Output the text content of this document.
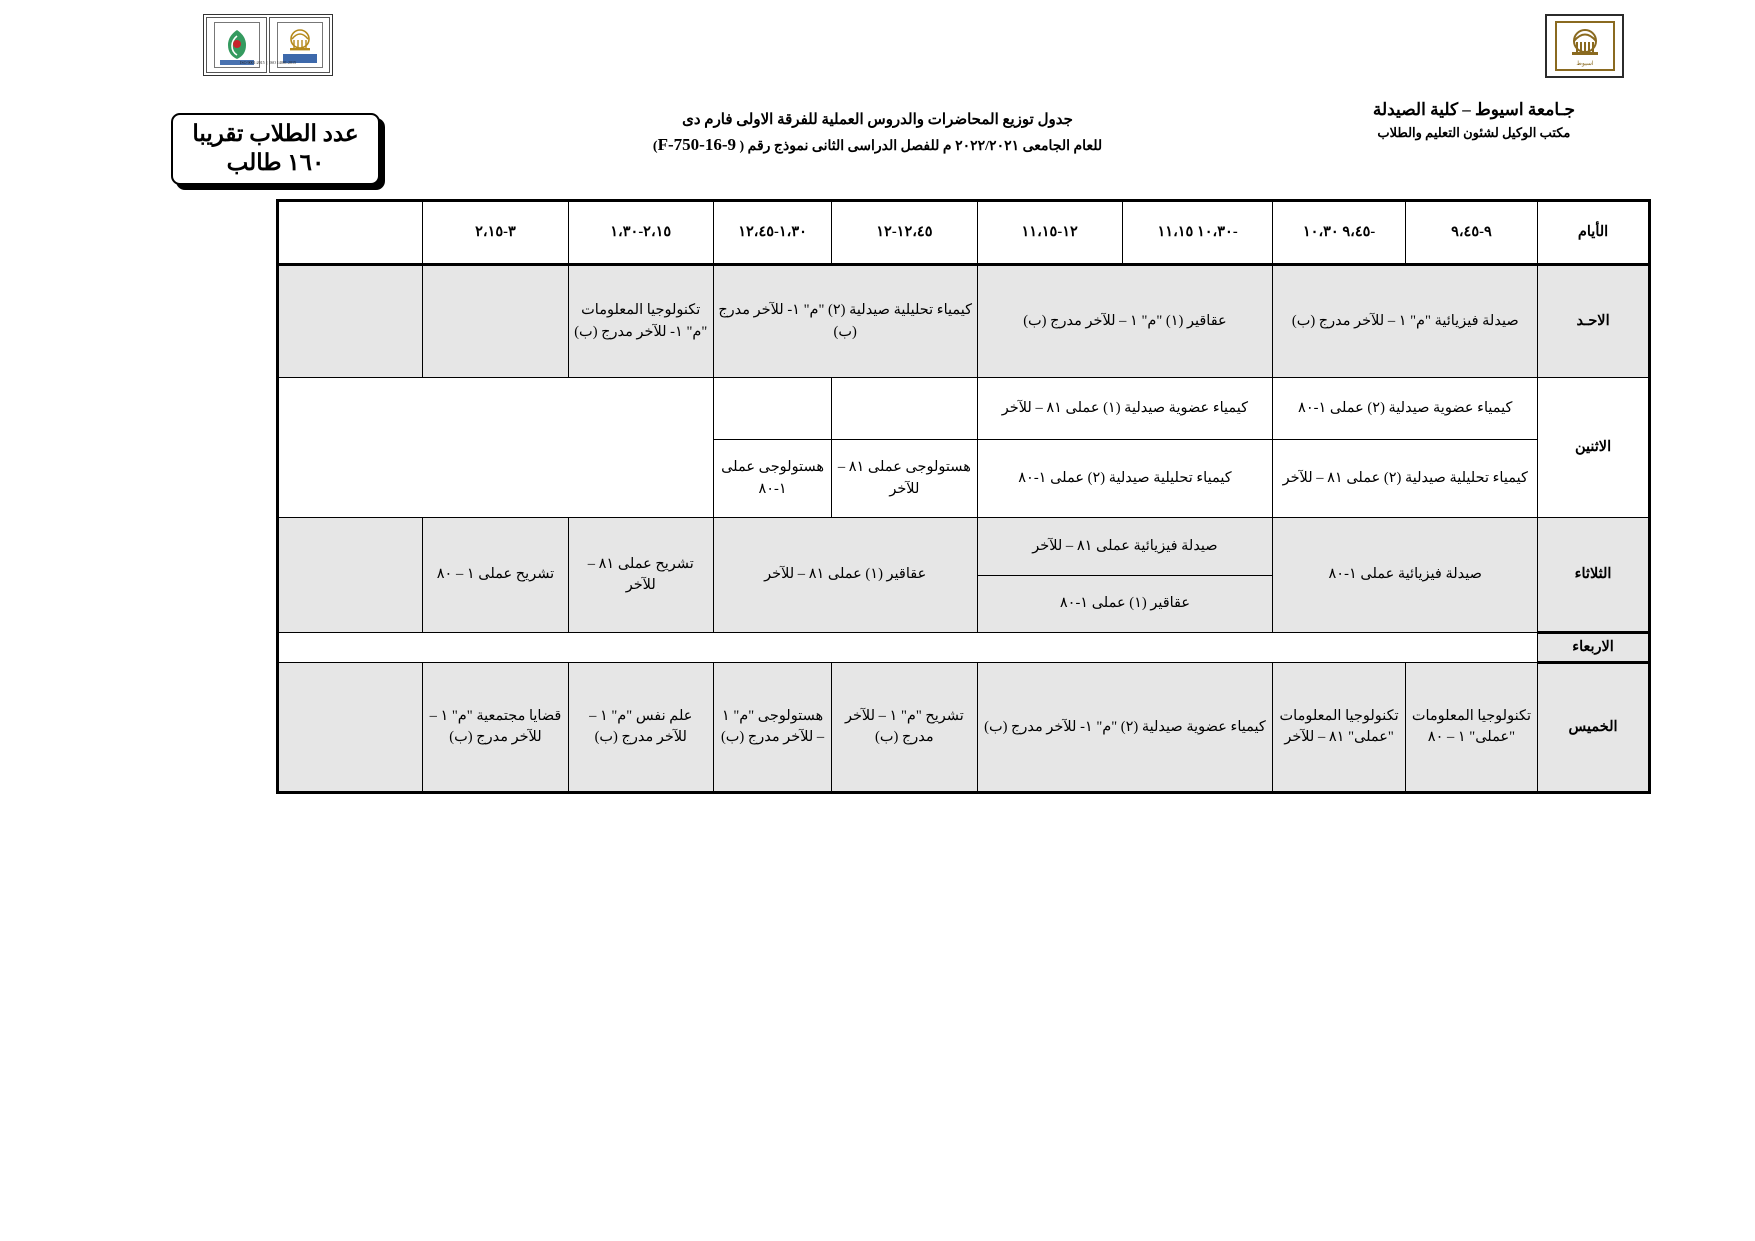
اسيوط
ISO 9001:2015  |  ISO 14001:2015
جـامعة اسيوط – كلية الصيدلة
مكتب الوكيل لشئون التعليم والطلاب
جدول توزيع المحاضرات والدروس العملية للفرقة الاولى فارم دى
للعام الجامعى ٢٠٢٢/٢٠٢١ م للفصل الدراسى الثانى نموذج رقم ( 9-16-750-F)
عدد الطلاب تقريبا
١٦٠ طالب
الأيام	٩-٩،٤٥	-٩،٤٥ ١٠،٣٠	-١٠،٣٠ ١١،١٥	١٢-١١،١٥	١٢،٤٥-١٢	١،٣٠-١٢،٤٥	٢،١٥-١،٣٠	٣-٢،١٥	
الاحـد	صيدلة فيزيائية "م" ١ – للآخر مدرج (ب)		عقاقير (١) "م" ١ – للآخر مدرج (ب)		كيمياء تحليلية صيدلية (٢) "م" ١- للآخر مدرج (ب)		تكنولوجيا المعلومات "م" ١- للآخر مدرج (ب)		

الاثنين	كيمياء عضوية صيدلية (٢) عملى ١-٨٠		كيمياء عضوية صيدلية (١) عملى ٨١ – للآخر						

	كيمياء تحليلية صيدلية (٢) عملى ٨١ – للآخر		كيمياء تحليلية صيدلية (٢) عملى ١-٨٠		هستولوجى عملى ٨١ – للآخر	هستولوجى عملى ١-٨٠			

الثلاثاء	صيدلة فيزيائية عملى ١-٨٠		صيدلة فيزيائية عملى ٨١ – للآخر		عقاقير (١) عملى ٨١ – للآخر		تشريح عملى ٨١ – للآخر	تشريح عملى ١ – ٨٠	

			عقاقير (١) عملى ١-٨٠						

الاربعاء									
الخميس	تكنولوجيا المعلومات "عملى" ١ – ٨٠	تكنولوجيا المعلومات "عملى" ٨١ – للآخر	كيمياء عضوية صيدلية (٢) "م" ١- للآخر مدرج (ب)		تشريح "م" ١ – للآخر مدرج (ب)	هستولوجى "م" ١ – للآخر مدرج (ب)	علم نفس "م" ١ – للآخر مدرج (ب)	قضايا مجتمعية "م" ١ – للآخر مدرج (ب)	
